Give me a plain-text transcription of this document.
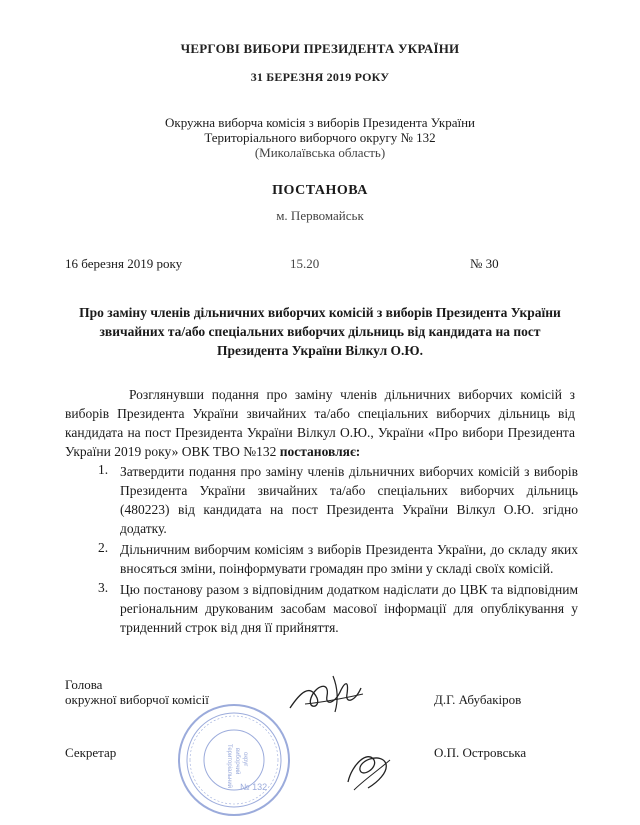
ЧЕРГОВІ ВИБОРИ ПРЕЗИДЕНТА УКРАЇНИ
31 БЕРЕЗНЯ 2019 РОКУ
Окружна виборча комісія з виборів Президента України
Територіального виборчого округу № 132
(Миколаївська область)
ПОСТАНОВА
м. Первомайськ
16 березня 2019 року	15.20	№ 30
Про заміну членів дільничних виборчих комісій з виборів Президента України
звичайних та/або спеціальних виборчих дільниць від кандидата на пост
Президента України Вілкул О.Ю.
Розглянувши подання про заміну членів дільничних виборчих комісій з виборів Президента України звичайних та/або спеціальних виборчих дільниць від кандидата на пост Президента України Вілкул О.Ю., України «Про вибори Президента України 2019 року» ОВК ТВО №132 постановляє:
1. Затвердити подання про заміну членів дільничних виборчих комісій з виборів Президента України звичайних та/або спеціальних виборчих дільниць (480223) від кандидата на пост Президента України Вілкул О.Ю. згідно додатку.
2. Дільничним виборчим комісіям з виборів Президента України, до складу яких вносяться зміни, поінформувати громадян про зміни у складі своїх комісій.
3. Цю постанову разом з відповідним додатком надіслати до ЦВК та відповідним регіональним друкованим засобам масової інформації для опублікування у триденний строк від дня її прийняття.
Голова
окружної виборчої комісії	Д.Г. Абубакіров
Секретар	О.П. Островська
Територіальний виборчий округ
№ 132
